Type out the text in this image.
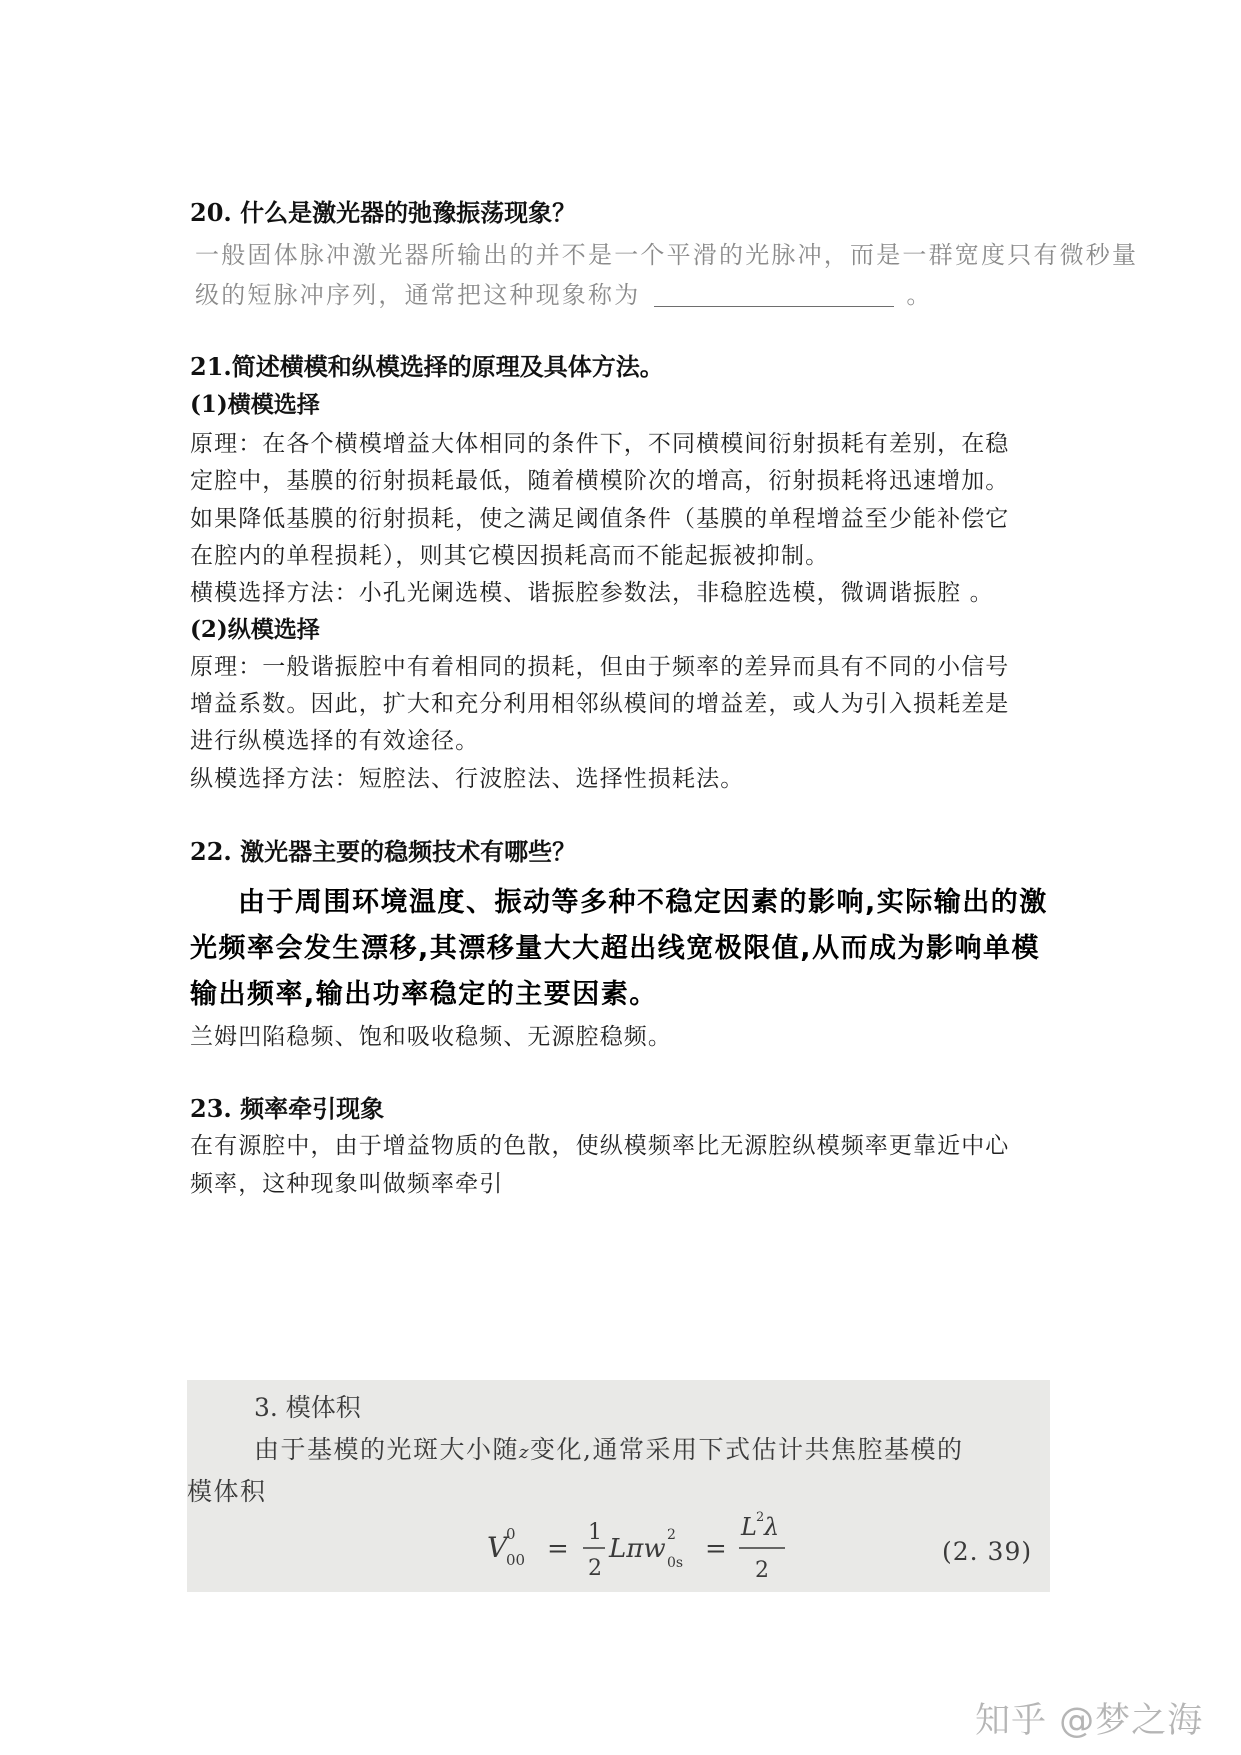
20. 什么是激光器的弛豫振荡现象？
一般固体脉冲激光器所输出的并不是一个平滑的光脉冲，而是一群宽度只有微秒量
级的短脉冲序列，通常把这种现象称为	。
21.简述横模和纵模选择的原理及具体方法。
(1)横模选择
原理：在各个横模增益大体相同的条件下，不同横模间衍射损耗有差别，在稳
定腔中，基膜的衍射损耗最低，随着横模阶次的增高，衍射损耗将迅速增加。
如果降低基膜的衍射损耗，使之满足阈值条件（基膜的单程增益至少能补偿它
在腔内的单程损耗），则其它模因损耗高而不能起振被抑制。
横模选择方法：小孔光阑选模、谐振腔参数法，非稳腔选模，微调谐振腔 。
(2)纵模选择
原理：一般谐振腔中有着相同的损耗，但由于频率的差异而具有不同的小信号
增益系数。因此，扩大和充分利用相邻纵模间的增益差，或人为引入损耗差是
进行纵模选择的有效途径。
纵模选择方法：短腔法、行波腔法、选择性损耗法。
22. 激光器主要的稳频技术有哪些？
由于周围环境温度、振动等多种不稳定因素的影响,实际输出的激
光频率会发生漂移,其漂移量大大超出线宽极限值,从而成为影响单模
输出频率,输出功率稳定的主要因素。
兰姆凹陷稳频、饱和吸收稳频、无源腔稳频。
23. 频率牵引现象
在有源腔中，由于增益物质的色散，使纵模频率比无源腔纵模频率更靠近中心
频率，这种现象叫做频率牵引
3. 模体积
由于基模的光斑大小随z变化,通常采用下式估计共焦腔基模的
模体积
V
0
00 =
1
2
Lπw 2
0s =
L 2 λ
2
(2. 39)
知乎 @梦之海
